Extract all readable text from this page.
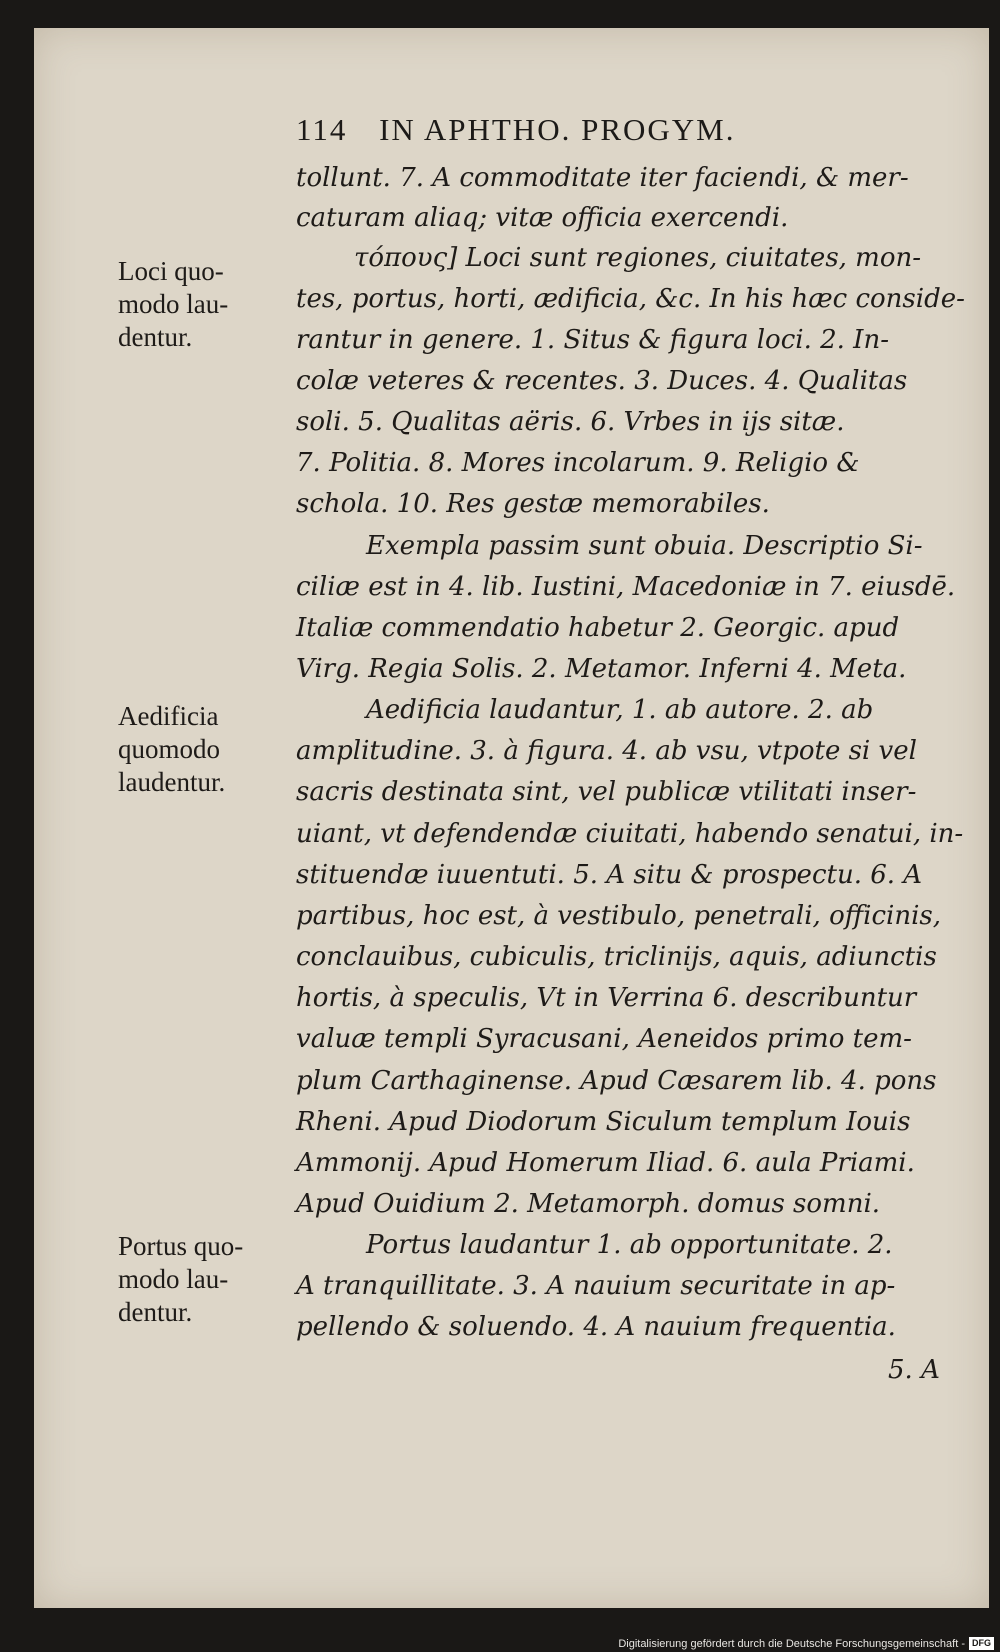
114 IN APHTHO. PROGYM.
tollunt. 7. A commoditate iter faciendi, & mer-
caturam aliaq; vitæ officia exercendi.
τόπους] Loci sunt regiones, ciuitates, mon-
tes, portus, horti, ædificia, &c. In his hæc conside-
rantur in genere. 1. Situs & figura loci. 2. In-
colæ veteres & recentes. 3. Duces. 4. Qualitas
soli. 5. Qualitas aëris. 6. Vrbes in ijs sitæ.
7. Politia. 8. Mores incolarum. 9. Religio &
schola. 10. Res gestæ memorabiles.
Exempla passim sunt obuia. Descriptio Si-
ciliæ est in 4. lib. Iustini, Macedoniæ in 7. eiusdē.
Italiæ commendatio habetur 2. Georgic. apud
Virg. Regia Solis. 2. Metamor. Inferni 4. Meta.
Aedificia laudantur, 1. ab autore. 2. ab
amplitudine. 3. à figura. 4. ab vsu, vtpote si vel
sacris destinata sint, vel publicæ vtilitati inser-
uiant, vt defendendæ ciuitati, habendo senatui, in-
stituendæ iuuentuti. 5. A situ & prospectu. 6. A
partibus, hoc est, à vestibulo, penetrali, officinis,
conclauibus, cubiculis, triclinijs, aquis, adiunctis
hortis, à speculis, Vt in Verrina 6. describuntur
valuæ templi Syracusani, Aeneidos primo tem-
plum Carthaginense. Apud Cæsarem lib. 4. pons
Rheni. Apud Diodorum Siculum templum Iouis
Ammonij. Apud Homerum Iliad. 6. aula Priami.
Apud Ouidium 2. Metamorph. domus somni.
Portus laudantur 1. ab opportunitate. 2.
A tranquillitate. 3. A nauium securitate in ap-
pellendo & soluendo. 4. A nauium frequentia.
5. A
Loci quo-
modo lau-
dentur.
Aedificia
quomodo
laudentur.
Portus quo-
modo lau-
dentur.
Digitalisierung gefördert durch die Deutsche Forschungsgemeinschaft - DFG
